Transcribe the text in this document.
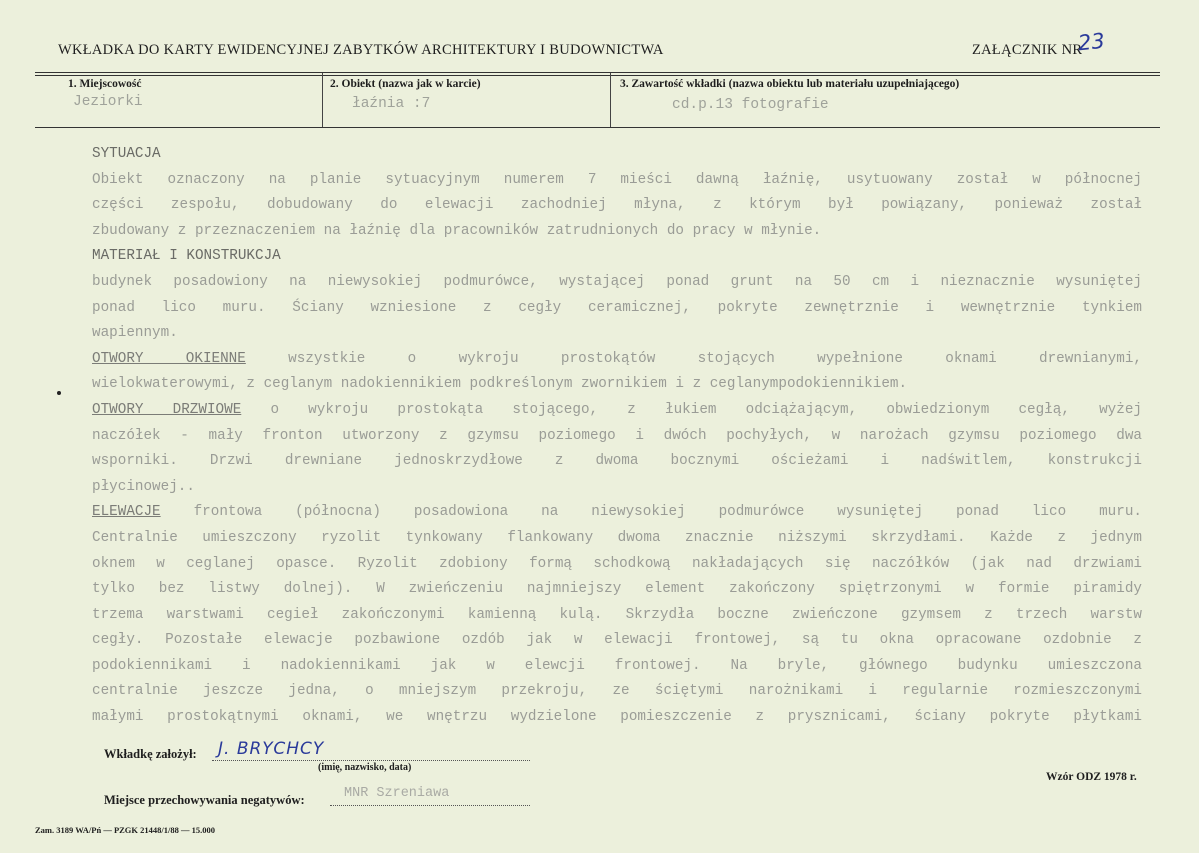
WKŁADKA DO KARTY EWIDENCYJNEJ ZABYTKÓW ARCHITEKTURY I BUDOWNICTWA	ZAŁĄCZNIK NR
23
1. Miejscowość
Jeziorki
2. Obiekt (nazwa jak w karcie)
łaźnia :7
3. Zawartość wkładki (nazwa obiektu lub materiału uzupełniającego)
cd.p.13 fotografie
SYTUACJA
Obiekt oznaczony na planie sytuacyjnym numerem 7 mieści dawną łaźnię, usytuowany został w północnej
części zespołu, dobudowany do elewacji zachodniej młyna, z którym był powiązany, ponieważ został
zbudowany z przeznaczeniem na łaźnię dla pracowników zatrudnionych do pracy w młynie.
MATERIAŁ I KONSTRUKCJA
budynek posadowiony na niewysokiej podmurówce, wystającej ponad grunt na 50 cm i nieznacznie wysuniętej
ponad lico muru. Ściany wzniesione z cegły ceramicznej, pokryte zewnętrznie i wewnętrznie tynkiem
wapiennym.
OTWORY OKIENNE	wszystkie o wykroju prostokątów stojących wypełnione oknami drewnianymi,
wielokwaterowymi, z ceglanym nadokiennikiem podkreślonym zwornikiem i z ceglanympodokiennikiem.
OTWORY DRZWIOWE o wykroju prostokąta stojącego, z łukiem odciążającym, obwiedzionym cegłą, wyżej
naczółek - mały fronton utworzony z gzymsu poziomego i dwóch pochyłych, w narożach gzymsu poziomego dwa
wsporniki. Drzwi drewniane jednoskrzydłowe z dwoma bocznymi ościeżami i nadświtlem, konstrukcji
płycinowej..
ELEWACJE frontowa (północna) posadowiona na niewysokiej podmurówce wysuniętej ponad lico muru.
Centralnie umieszczony ryzolit tynkowany flankowany dwoma znacznie niższymi skrzydłami. Każde z jednym
oknem w ceglanej opasce. Ryzolit zdobiony formą schodkową nakładających się naczółków (jak nad drzwiami
tylko bez listwy dolnej). W zwieńczeniu najmniejszy element zakończony spiętrzonymi w formie piramidy
trzema warstwami cegieł zakończonymi kamienną kulą. Skrzydła boczne zwieńczone gzymsem z trzech warstw
cegły. Pozostałe elewacje pozbawione ozdób jak w elewacji frontowej, są tu okna opracowane ozdobnie z
podokiennikami i nadokiennikami jak w elewcji frontowej. Na bryle, głównego budynku umieszczona
centralnie jeszcze jedna, o mniejszym przekroju, ze ściętymi narożnikami i regularnie rozmieszczonymi
małymi prostokątnymi oknami, we wnętrzu wydzielone pomieszczenie z prysznicami, ściany pokryte płytkami
Wkładkę założył: J. BRYCHCY
(imię, nazwisko, data)
Miejsce przechowywania negatywów:	MNR Szreniawa
Wzór ODZ 1978 r.
Zam. 3189 WA/Pń — PZGK 21448/1/88 — 15.000
